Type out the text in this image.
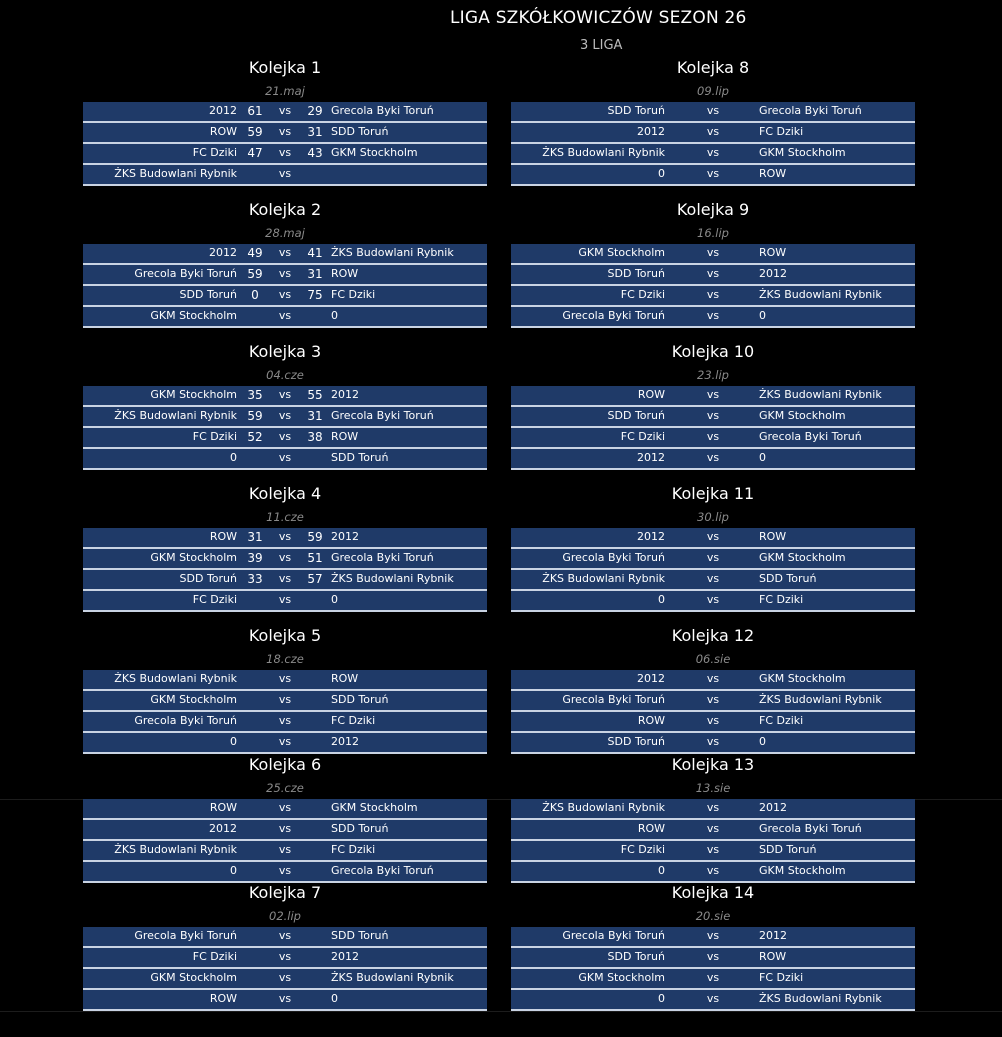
LIGA SZKÓŁKOWICZÓW SEZON 26
3 LIGA
Kolejka 1
21.maj
2012 61	vs	29 Grecola Byki Toruń
ROW 59	vs	31 SDD Toruń
FC Dziki 47	vs	43 GKM Stockholm
ŻKS Budowlani Rybnik	vs
Kolejka 2
28.maj
2012 49	vs	41 ŻKS Budowlani Rybnik
Grecola Byki Toruń 59	vs	31 ROW
SDD Toruń	0	vs	75 FC Dziki
GKM Stockholm	vs	0
Kolejka 3
04.cze
GKM Stockholm 35	vs	55 2012
ŻKS Budowlani Rybnik 59	vs	31 Grecola Byki Toruń
FC Dziki 52	vs	38 ROW
0	vs	SDD Toruń
Kolejka 4
11.cze
ROW 31	vs	59 2012
GKM Stockholm 39	vs	51 Grecola Byki Toruń
SDD Toruń 33	vs	57 ŻKS Budowlani Rybnik
FC Dziki	vs	0
Kolejka 5
18.cze
ŻKS Budowlani Rybnik	vs	ROW
GKM Stockholm	vs	SDD Toruń
Grecola Byki Toruń	vs	FC Dziki
0	vs	2012
Kolejka 6
25.cze
ROW	vs	GKM Stockholm
2012	vs	SDD Toruń
ŻKS Budowlani Rybnik	vs	FC Dziki
0	vs	Grecola Byki Toruń
Kolejka 7
02.lip
Grecola Byki Toruń	vs	SDD Toruń
FC Dziki	vs	2012
GKM Stockholm	vs	ŻKS Budowlani Rybnik
ROW	vs	0
Kolejka 8
09.lip
SDD Toruń	vs	Grecola Byki Toruń
2012	vs	FC Dziki
ŻKS Budowlani Rybnik	vs	GKM Stockholm
0	vs	ROW
Kolejka 9
16.lip
GKM Stockholm	vs	ROW
SDD Toruń	vs	2012
FC Dziki	vs	ŻKS Budowlani Rybnik
Grecola Byki Toruń	vs	0
Kolejka 10
23.lip
ROW	vs	ŻKS Budowlani Rybnik
SDD Toruń	vs	GKM Stockholm
FC Dziki	vs	Grecola Byki Toruń
2012	vs	0
Kolejka 11
30.lip
2012	vs	ROW
Grecola Byki Toruń	vs	GKM Stockholm
ŻKS Budowlani Rybnik	vs	SDD Toruń
0	vs	FC Dziki
Kolejka 12
06.sie
2012	vs	GKM Stockholm
Grecola Byki Toruń	vs	ŻKS Budowlani Rybnik
ROW	vs	FC Dziki
SDD Toruń	vs	0
Kolejka 13
13.sie
ŻKS Budowlani Rybnik	vs	2012
ROW	vs	Grecola Byki Toruń
FC Dziki	vs	SDD Toruń
0	vs	GKM Stockholm
Kolejka 14
20.sie
Grecola Byki Toruń	vs	2012
SDD Toruń	vs	ROW
GKM Stockholm	vs	FC Dziki
0	vs	ŻKS Budowlani Rybnik
